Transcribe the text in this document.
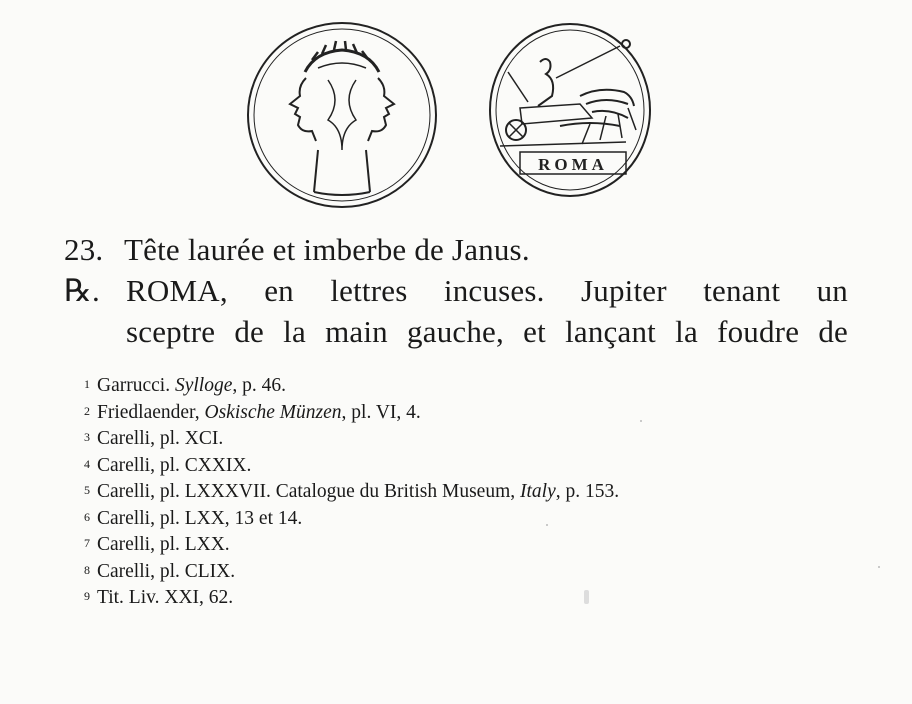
ROMA
23. Tête laurée et imberbe de Janus.
℞. ROMA, en lettres incuses. Jupiter tenant un
sceptre de la main gauche, et lançant la foudre de
$^1$ Garrucci. Sylloge, p. 46.
$^2$ Friedlaender, Oskische Münzen, pl. VI, 4.
$^3$ Carelli, pl. XCI.
$^4$ Carelli, pl. CXXIX.
$^5$ Carelli, pl. LXXXVII. Catalogue du British Museum, Italy, p. 153.
$^6$ Carelli, pl. LXX, 13 et 14.
$^7$ Carelli, pl. LXX.
$^8$ Carelli, pl. CLIX.
$^9$ Tit. Liv. XXI, 62.
